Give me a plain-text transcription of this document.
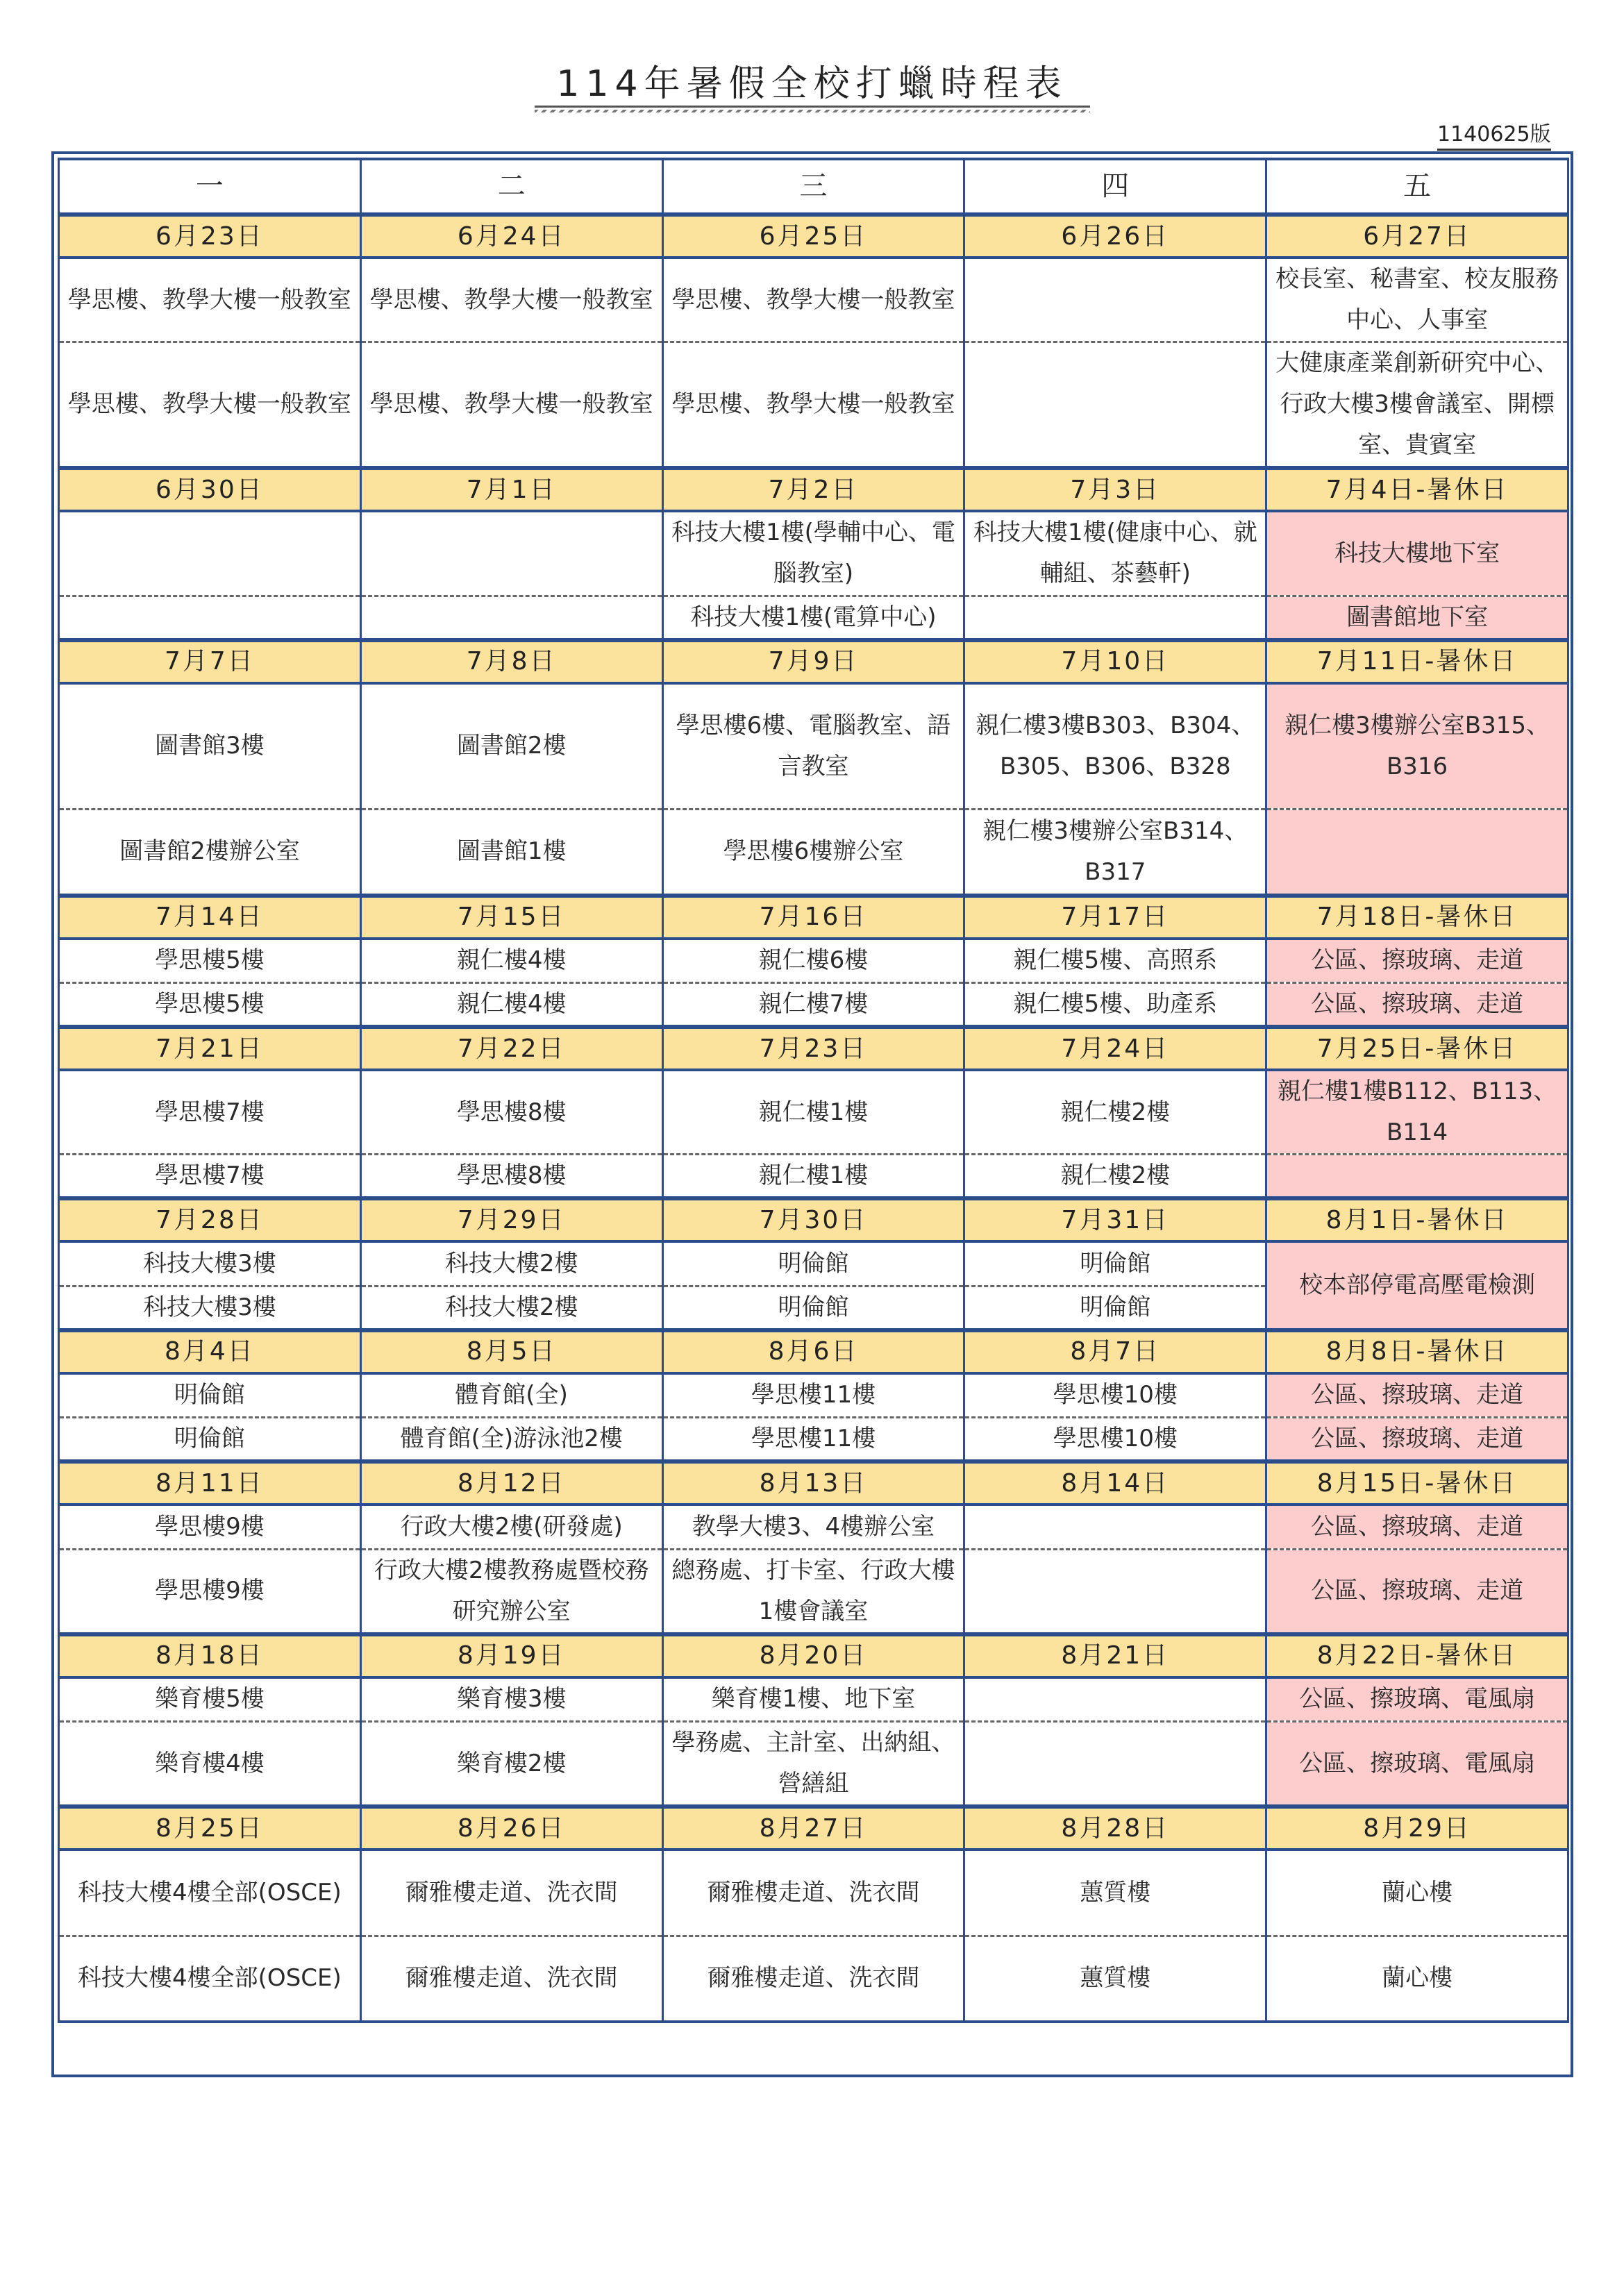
114年暑假全校打蠟時程表
1140625版
一	二	三	四	五
6月23日	6月24日	6月25日	6月26日	6月27日
學思樓、教學大樓一般教室	學思樓、教學大樓一般教室	學思樓、教學大樓一般教室		校長室、秘書室、校友服務中心、人事室
學思樓、教學大樓一般教室	學思樓、教學大樓一般教室	學思樓、教學大樓一般教室		大健康產業創新研究中心、行政大樓3樓會議室、開標室、貴賓室
6月30日	7月1日	7月2日	7月3日	7月4日-暑休日
		科技大樓1樓(學輔中心、電腦教室)	科技大樓1樓(健康中心、就輔組、茶藝軒)	科技大樓地下室
		科技大樓1樓(電算中心)		圖書館地下室
7月7日	7月8日	7月9日	7月10日	7月11日-暑休日
圖書館3樓	圖書館2樓	學思樓6樓、電腦教室、語言教室	親仁樓3樓B303、B304、B305、B306、B328	親仁樓3樓辦公室B315、B316
圖書館2樓辦公室	圖書館1樓	學思樓6樓辦公室	親仁樓3樓辦公室B314、B317	
7月14日	7月15日	7月16日	7月17日	7月18日-暑休日
學思樓5樓	親仁樓4樓	親仁樓6樓	親仁樓5樓、高照系	公區、擦玻璃、走道
學思樓5樓	親仁樓4樓	親仁樓7樓	親仁樓5樓、助產系	公區、擦玻璃、走道
7月21日	7月22日	7月23日	7月24日	7月25日-暑休日
學思樓7樓	學思樓8樓	親仁樓1樓	親仁樓2樓	親仁樓1樓B112、B113、B114
學思樓7樓	學思樓8樓	親仁樓1樓	親仁樓2樓	
7月28日	7月29日	7月30日	7月31日	8月1日-暑休日
科技大樓3樓	科技大樓2樓	明倫館	明倫館	校本部停電高壓電檢測
科技大樓3樓	科技大樓2樓	明倫館	明倫館	
8月4日	8月5日	8月6日	8月7日	8月8日-暑休日
明倫館	體育館(全)	學思樓11樓	學思樓10樓	公區、擦玻璃、走道
明倫館	體育館(全)游泳池2樓	學思樓11樓	學思樓10樓	公區、擦玻璃、走道
8月11日	8月12日	8月13日	8月14日	8月15日-暑休日
學思樓9樓	行政大樓2樓(研發處)	教學大樓3、4樓辦公室		公區、擦玻璃、走道
學思樓9樓	行政大樓2樓教務處暨校務研究辦公室	總務處、打卡室、行政大樓1樓會議室		公區、擦玻璃、走道
8月18日	8月19日	8月20日	8月21日	8月22日-暑休日
樂育樓5樓	樂育樓3樓	樂育樓1樓、地下室		公區、擦玻璃、電風扇
樂育樓4樓	樂育樓2樓	學務處、主計室、出納組、營繕組		公區、擦玻璃、電風扇
8月25日	8月26日	8月27日	8月28日	8月29日
科技大樓4樓全部(OSCE)	爾雅樓走道、洗衣間	爾雅樓走道、洗衣間	蕙質樓	蘭心樓
科技大樓4樓全部(OSCE)	爾雅樓走道、洗衣間	爾雅樓走道、洗衣間	蕙質樓	蘭心樓
